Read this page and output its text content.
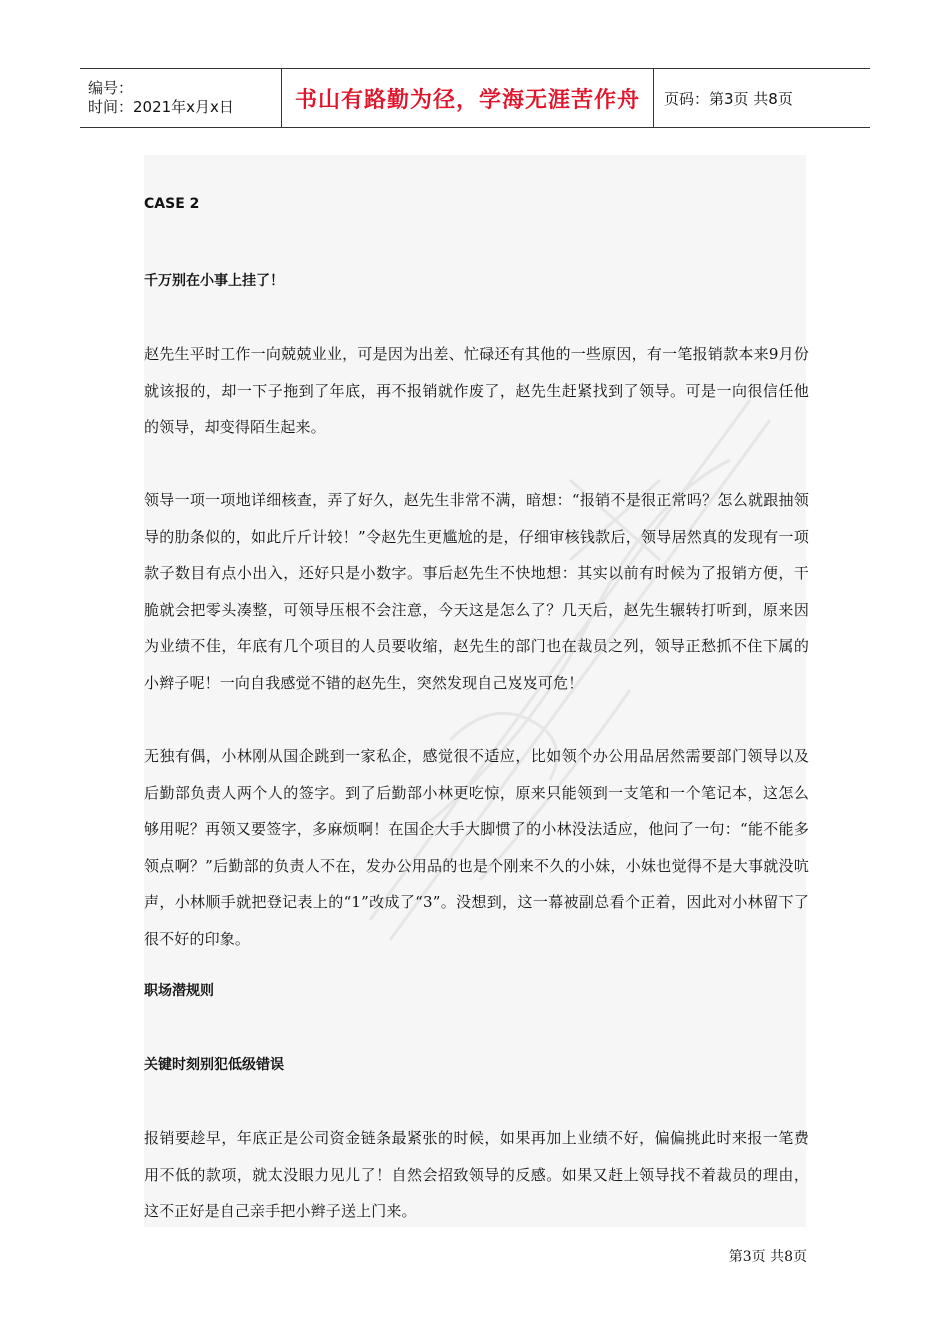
编号：
时间：2021年x月x日	书山有路勤为径，学海无涯苦作舟 页码：第3页 共8页
CASE 2
千万别在小事上挂了！
赵先生平时工作一向兢兢业业，可是因为出差、忙碌还有其他的一些原因，有一笔报销款本来9月份就该报的，却一下子拖到了年底，再不报销就作废了，赵先生赶紧找到了领导。可是一向很信任他的领导，却变得陌生起来。
领导一项一项地详细核查，弄了好久，赵先生非常不满，暗想：“报销不是很正常吗？怎么就跟抽领导的肋条似的，如此斤斤计较！”令赵先生更尴尬的是，仔细审核钱款后，领导居然真的发现有一项款子数目有点小出入，还好只是小数字。事后赵先生不快地想：其实以前有时候为了报销方便，干脆就会把零头凑整，可领导压根不会注意，今天这是怎么了？几天后，赵先生辗转打听到，原来因为业绩不佳，年底有几个项目的人员要收缩，赵先生的部门也在裁员之列，领导正愁抓不住下属的小辫子呢！一向自我感觉不错的赵先生，突然发现自己岌岌可危！
无独有偶，小林刚从国企跳到一家私企，感觉很不适应，比如领个办公用品居然需要部门领导以及后勤部负责人两个人的签字。到了后勤部小林更吃惊，原来只能领到一支笔和一个笔记本，这怎么够用呢？再领又要签字，多麻烦啊！在国企大手大脚惯了的小林没法适应，他问了一句：“能不能多领点啊？”后勤部的负责人不在，发办公用品的也是个刚来不久的小妹，小妹也觉得不是大事就没吭声，小林顺手就把登记表上的“1”改成了“3”。没想到，这一幕被副总看个正着，因此对小林留下了很不好的印象。
职场潜规则
关键时刻别犯低级错误
报销要趁早，年底正是公司资金链条最紧张的时候，如果再加上业绩不好，偏偏挑此时来报一笔费用不低的款项，就太没眼力见儿了！自然会招致领导的反感。如果又赶上领导找不着裁员的理由，这不正好是自己亲手把小辫子送上门来。
第3页 共8页
